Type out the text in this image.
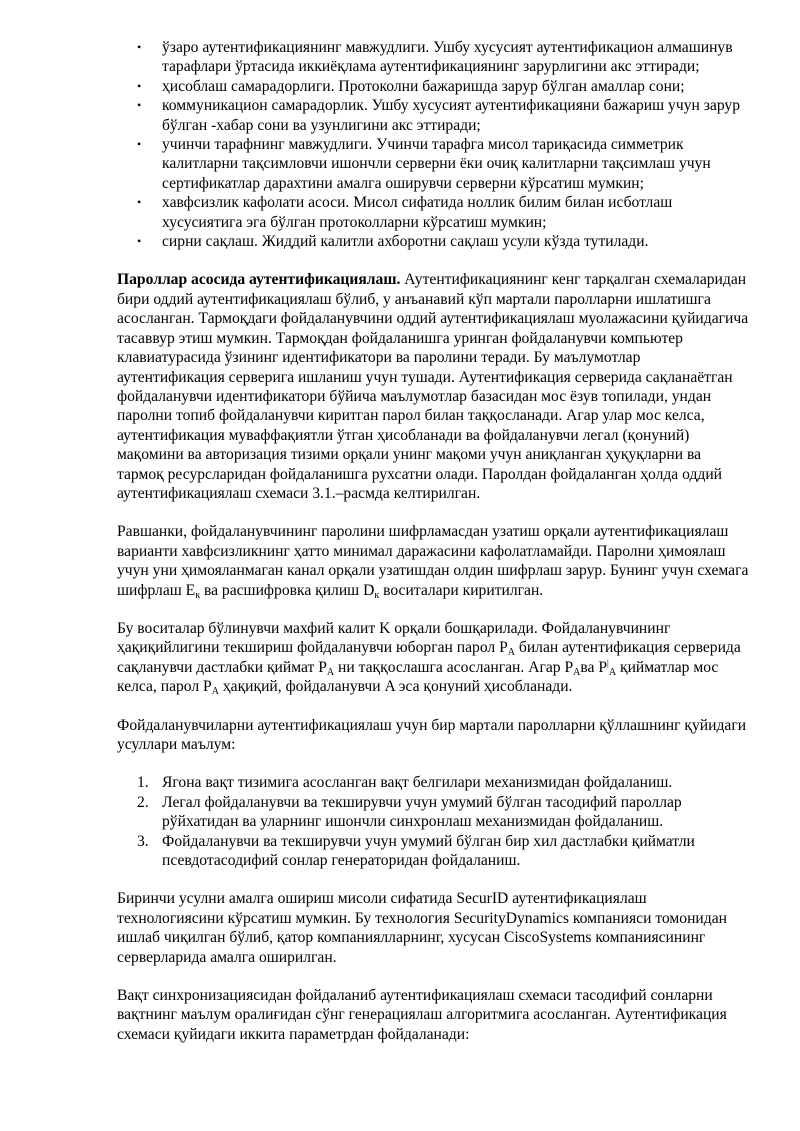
• ўзаро аутентификациянинг мавжудлиги. Ушбу хусусият аутентификацион алмашинув тарафлари ўртасида иккиёқлама аутентификациянинг зарурлигини акс эттиради;
• ҳисоблаш самарадорлиги. Протоколни бажаришда зарур бўлган амаллар сони;
• коммуникацион самарадорлик. Ушбу хусусият аутентификацияни бажариш учун зарур бўлган -хабар сони ва узунлигини акс эттиради;
• учинчи тарафнинг мавжудлиги. Учинчи тарафга мисол тариқасида симметрик калитларни тақсимловчи ишончли серверни ёки очиқ калитларни тақсимлаш учун сертификатлар дарахтини амалга оширувчи серверни кўрсатиш мумкин;
• хавфсизлик кафолати асоси. Мисол сифатида ноллик билим билан исботлаш хусусиятига эга бўлган протоколларни кўрсатиш мумкин;
• сирни сақлаш. Жиддий калитли ахборотни сақлаш усули кўзда тутилади.

Пароллар асосида аутентификациялаш. Аутентификациянинг кенг тарқалган схемаларидан бири оддий аутентификациялаш бўлиб, у анъанавий кўп мартали паролларни ишлатишга асосланган. Тармоқдаги фойдаланувчини оддий аутентификациялаш муолажасини қуйидагича тасаввур этиш мумкин. Тармоқдан фойдаланишга уринган фойдаланувчи компьютер клавиатурасида ўзининг идентификатори ва паролини теради. Бу маълумотлар аутентификация серверига ишланиш учун тушади. Аутентификация серверида сақланаётган фойдаланувчи идентификатори бўйича маълумотлар базасидан мос ёзув топилади, ундан паролни топиб фойдаланувчи киритган парол билан таққосланади. Агар улар мос келса, аутентификация муваффақиятли ўтган ҳисобланади ва фойдаланувчи легал (қонуний) мақомини ва авторизация тизими орқали унинг мақоми учун аниқланган ҳуқуқларни ва тармоқ ресурсларидан фойдаланишга рухсатни олади. Паролдан фойдаланган ҳолда оддий аутентификациялаш схемаси 3.1.–расмда келтирилган.

Равшанки, фойдаланувчининг паролини шифрламасдан узатиш орқали аутентификациялаш варианти хавфсизликнинг ҳатто минимал даражасини кафолатламайди. Паролни ҳимоялаш учун уни ҳимояланмаган канал орқали узатишдан олдин шифрлаш зарур. Бунинг учун схемага шифрлаш $E_к$ ва расшифровка қилиш $D_к$ воситалари киритилган.

Бу воситалар бўлинувчи махфий калит K орқали бошқарилади. Фойдаланувчининг ҳақиқийлигини текшириш фойдаланувчи юборган парол $P_A$ билан аутентификация серверида сақланувчи дастлабки қиймат $P_A$ ни таққослашга асосланган. Агар $P_Aва$ $P^|_A$ қийматлар мос келса, парол $P_A$ ҳақиқий, фойдаланувчи A эса қонуний ҳисобланади.

Фойдаланувчиларни аутентификациялаш учун бир мартали паролларни қўллашнинг қуйидаги усуллари маълум:

1. Ягона вақт тизимига асосланган вақт белгилари механизмидан фойдаланиш.
2. Легал фойдаланувчи ва текширувчи учун умумий бўлган тасодифий пароллар рўйхатидан ва уларнинг ишончли синхронлаш механизмидан фойдаланиш.
3. Фойдаланувчи ва текширувчи учун умумий бўлган бир хил дастлабки қийматли псевдотасодифий сонлар генераторидан фойдаланиш.

Биринчи усулни амалга ошириш мисоли сифатида SecurID аутентификациялаш технологиясини кўрсатиш мумкин. Бу технология SecurityDynamics компанияси томонидан ишлаб чиқилган бўлиб, қатор компаниялларнинг, хусусан CiscoSystems компаниясининг серверларида амалга оширилган.

Вақт синхронизациясидан фойдаланиб аутентификациялаш схемаси тасодифий сонларни вақтнинг маълум оралиғидан сўнг генерациялаш алгоритмига асосланган. Аутентификация схемаси қуйидаги иккита параметрдан фойдаланади:
